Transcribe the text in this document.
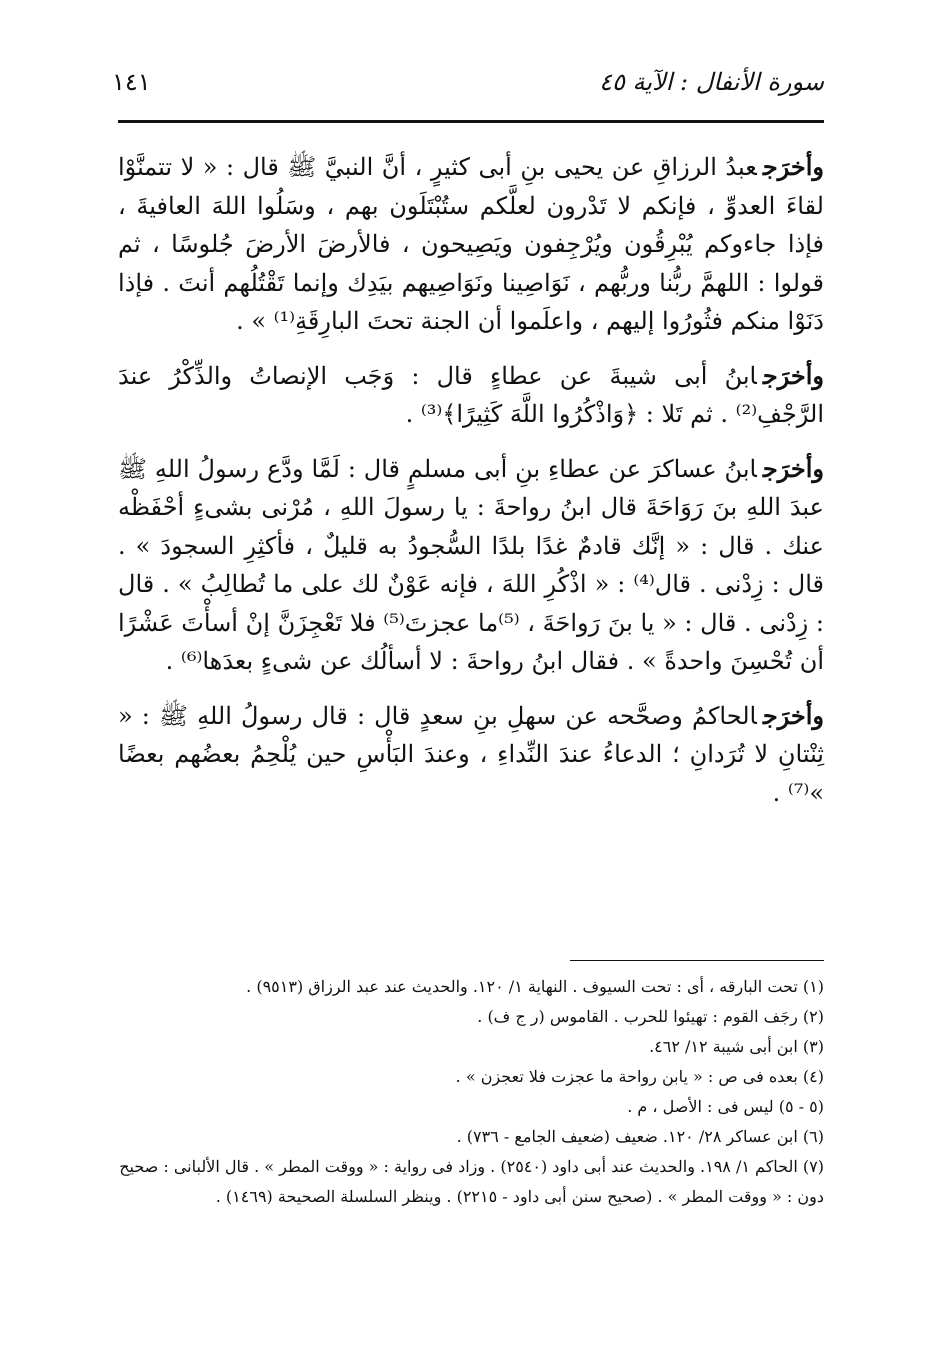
سورة الأنفال : الآية ٤٥
١٤١

وأخرَجعبدُ الرزاقِ عن يحيى بنِ أبى كثيرٍ ، أنَّ النبيَّ ﷺ قال : « لا تتمنَّوْا لقاءَ العدوِّ ، فإنكم لا تَدْرون لعلَّكم ستُبْتَلَون بهم ، وسَلُوا اللهَ العافيةَ ، فإذا جاءوكم يُبْرِقُون ويُرْجِفون ويَصِيحون ، فالأرضَ الأرضَ جُلوسًا ، ثم قولوا : اللهمَّ ربُّنا وربُّهم ، نَوَاصِينا ونَوَاصِيهم بيَدِك وإنما تَقْتُلُهم أنتَ . فإذا دَنَوْا منكم فثُورُوا إليهم ، واعلَموا أن الجنة تحتَ البارِقَةِ⁽¹⁾ » .

وأخرَجابنُ أبى شيبةَ عن عطاءٍ قال : وَجَب الإنصاتُ والذِّكْرُ عندَ الرَّجْفِ⁽²⁾ . ثم تَلا : ﴿وَاذْكُرُوا اللَّهَ كَثِيرًا﴾⁽³⁾ .

وأخرَجابنُ عساكرَ عن عطاءِ بنِ أبى مسلمٍ قال : لَمَّا ودَّع رسولُ اللهِ ﷺ عبدَ اللهِ بنَ رَوَاحَةَ قال ابنُ رواحةَ : يا رسولَ اللهِ ، مُرْنى بشىءٍ أحْفَظْه عنك . قال : « إنَّك قادمٌ غدًا بلدًا السُّجودُ به قليلٌ ، فأكثِرِ السجودَ » . قال : زِدْنى . قال⁽⁴⁾ : « اذْكُرِ اللهَ ، فإنه عَوْنٌ لك على ما تُطالِبُ » . قال : زِدْنى . قال : « يا بنَ رَواحَةَ ، ⁽⁵⁾ما عجزتَ⁽⁵⁾ فلا تَعْجِزَنَّ إنْ أسأْتَ عَشْرًا أن تُحْسِنَ واحدةً » . فقال ابنُ رواحةَ : لا أسألُك عن شىءٍ بعدَها⁽⁶⁾ .

وأخرَجالحاكمُ وصحَّحه عن سهلِ بنِ سعدٍ قال : قال رسولُ اللهِ ﷺ : « ثِنْتانِ لا تُرَدانِ ؛ الدعاءُ عندَ النِّداءِ ، وعندَ البَأْسِ حين يُلْحِمُ بعضُهم بعضًا »⁽⁷⁾ .

(١) تحت البارقه ، أى : تحت السيوف . النهاية ١/ ١٢٠. والحديث عند عبد الرزاق (٩٥١٣) .
(٢) رجَف القوم : تهيئوا للحرب . القاموس (ر ج ف) .
(٣) ابن أبى شيبة ١٢/ ٤٦٢.
(٤) بعده فى ص : « يابن رواحة ما عجزت فلا تعجزن » .
(٥ - ٥) ليس فى : الأصل ، م .
(٦) ابن عساكر ٢٨/ ١٢٠. ضعيف (ضعيف الجامع - ٧٣٦) .
(٧) الحاكم ١/ ١٩٨. والحديث عند أبى داود (٢٥٤٠) . وزاد فى رواية : « ووقت المطر » . قال الألبانى : صحيح دون : « ووقت المطر » . (صحيح سنن أبى داود - ٢٢١٥) . وينظر السلسلة الصحيحة (١٤٦٩) .
